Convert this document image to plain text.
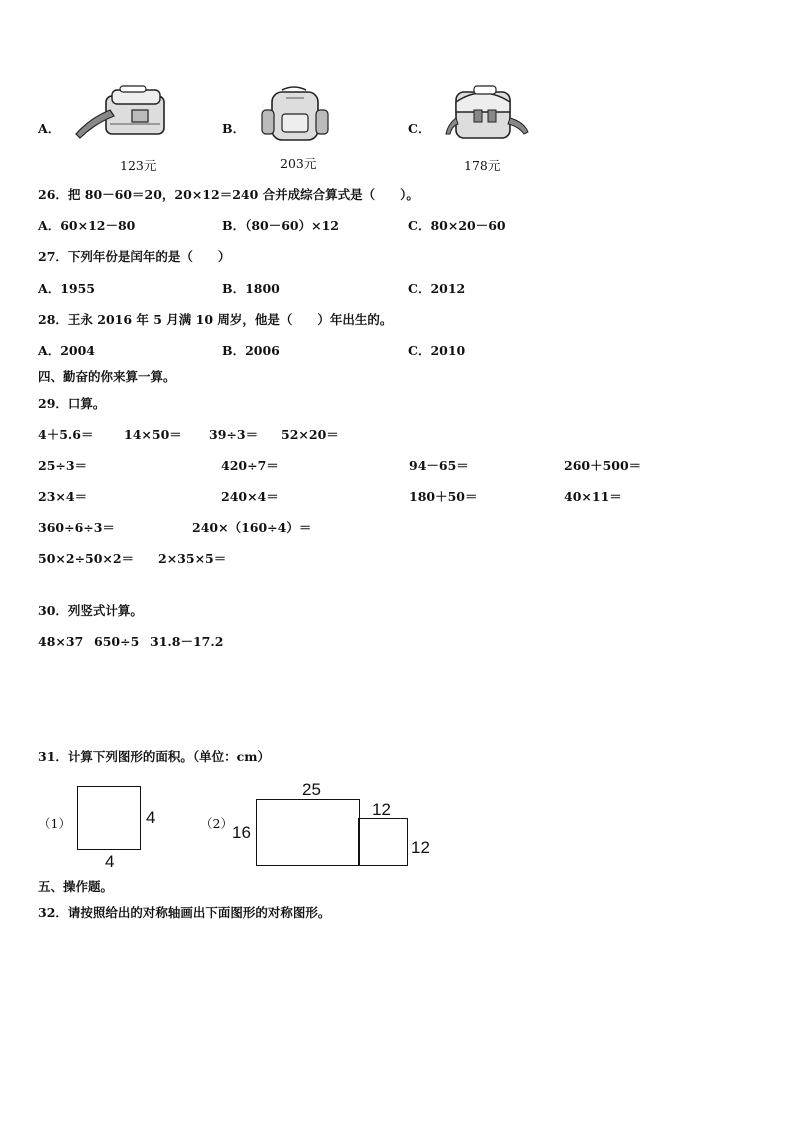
A．
123元
B．
203元
C．
178元
26．把 80－60＝20，20×12＝240 合并成综合算式是（　　）。
A．60×12－80	B．（80－60）×12	C．80×20－60
27．下列年份是闰年的是（　　）
A．1955	B．1800	C．2012
28．王永 2016 年 5 月满 10 周岁，他是（　　）年出生的。
A．2004	B．2006	C．2010
四、勤奋的你来算一算。
29．口算。
4＋5.6＝ 14×50＝ 39÷3＝ 52×20＝
25÷3＝	420÷7＝	94－65＝	260＋500＝
23×4＝	240×4＝	180＋50＝	40×11＝
360÷6÷3＝	240×（160÷4）＝
50×2÷50×2＝ 2×35×5＝
30．列竖式计算。
48×37 650÷5 31.8－17.2
31．计算下列图形的面积。（单位：cm）
（1）	4
4
（2）
25
16
12
12
五、操作题。
32．请按照给出的对称轴画出下面图形的对称图形。
